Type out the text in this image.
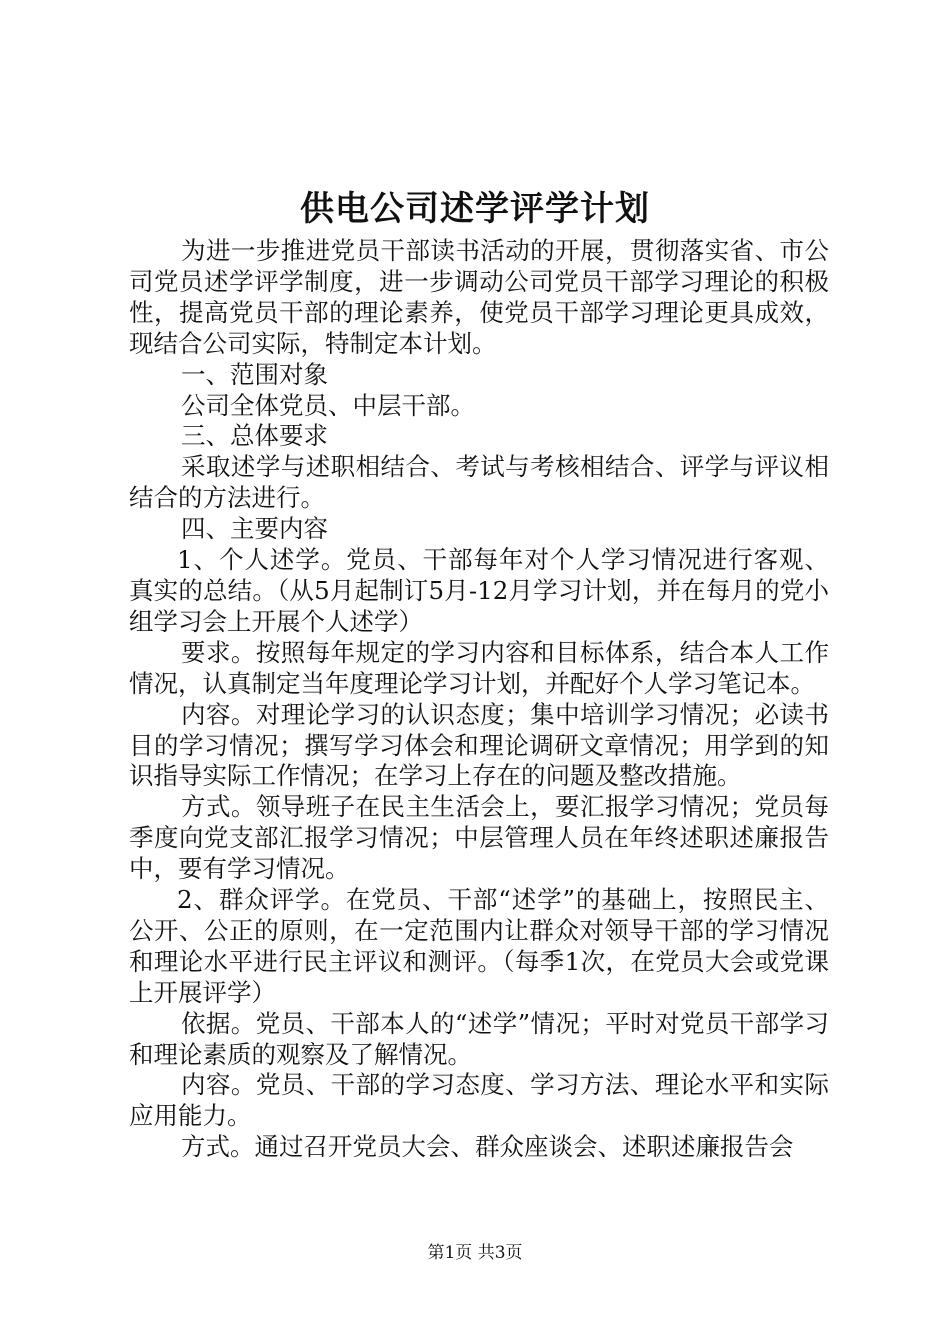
供电公司述学评学计划

为进一步推进党员干部读书活动的开展，贯彻落实省、市公司党员述学评学制度，进一步调动公司党员干部学习理论的积极性，提高党员干部的理论素养，使党员干部学习理论更具成效，现结合公司实际，特制定本计划。

一、范围对象

公司全体党员、中层干部。

三、总体要求

采取述学与述职相结合、考试与考核相结合、评学与评议相结合的方法进行。

四、主要内容

1、个人述学。党员、干部每年对个人学习情况进行客观、真实的总结。（从5月起制订5月-12月学习计划，并在每月的党小组学习会上开展个人述学）

要求。按照每年规定的学习内容和目标体系，结合本人工作情况，认真制定当年度理论学习计划，并配好个人学习笔记本。

内容。对理论学习的认识态度；集中培训学习情况；必读书目的学习情况；撰写学习体会和理论调研文章情况；用学到的知识指导实际工作情况；在学习上存在的问题及整改措施。

方式。领导班子在民主生活会上，要汇报学习情况；党员每季度向党支部汇报学习情况；中层管理人员在年终述职述廉报告中，要有学习情况。

2、群众评学。在党员、干部“述学”的基础上，按照民主、公开、公正的原则，在一定范围内让群众对领导干部的学习情况和理论水平进行民主评议和测评。（每季1次，在党员大会或党课上开展评学）

依据。党员、干部本人的“述学”情况；平时对党员干部学习和理论素质的观察及了解情况。

内容。党员、干部的学习态度、学习方法、理论水平和实际应用能力。

方式。通过召开党员大会、群众座谈会、述职述廉报告会

第1页 共3页
